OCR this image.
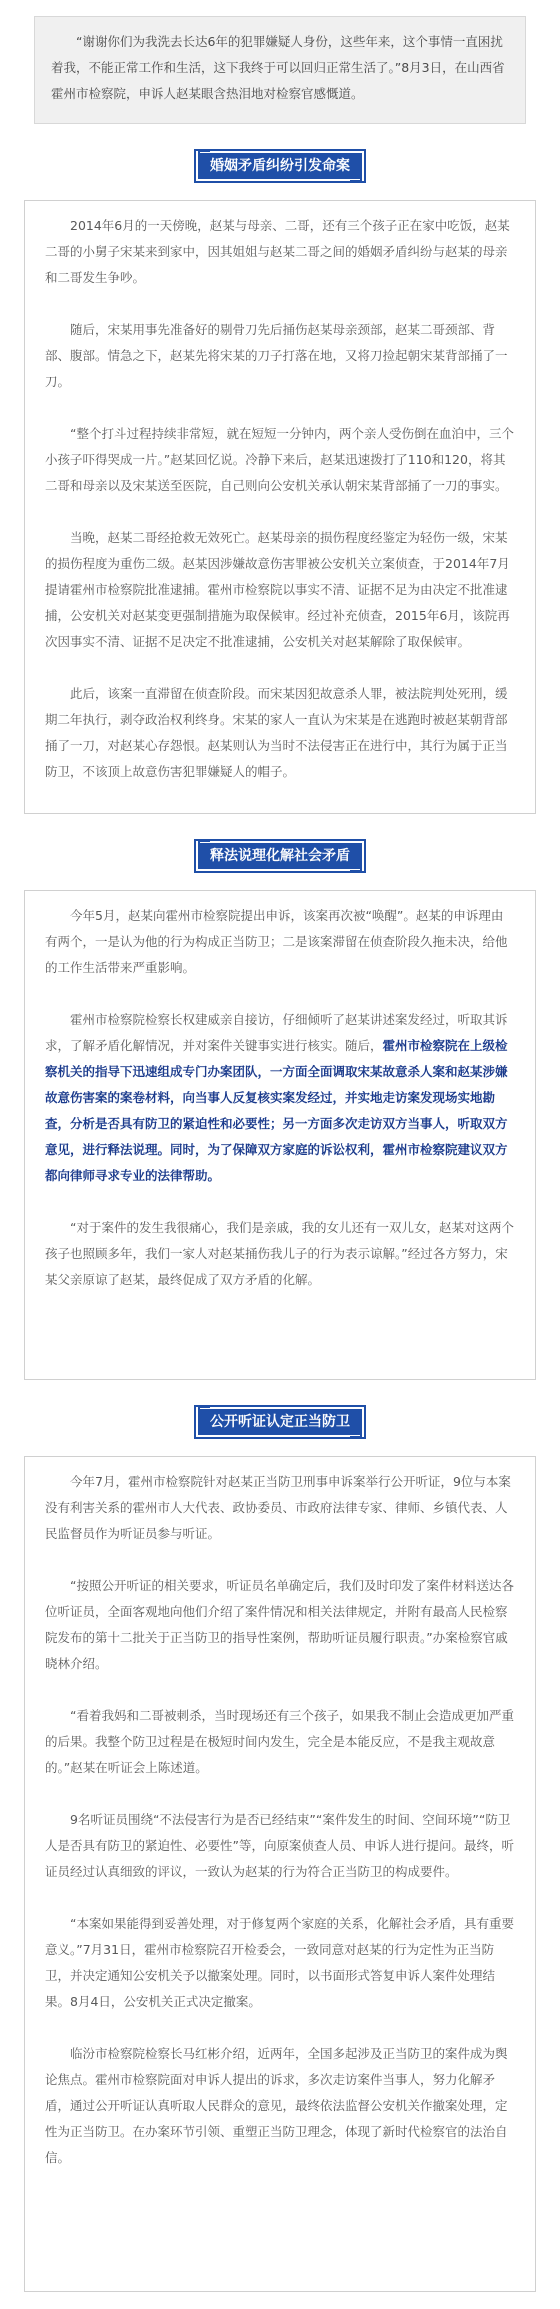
“谢谢你们为我洗去长达6年的犯罪嫌疑人身份，这些年来，这个事情一直困扰着我，不能正常工作和生活，这下我终于可以回归正常生活了。”8月3日，在山西省霍州市检察院，申诉人赵某眼含热泪地对检察官感慨道。

婚姻矛盾纠纷引发命案

2014年6月的一天傍晚，赵某与母亲、二哥，还有三个孩子正在家中吃饭，赵某二哥的小舅子宋某来到家中，因其姐姐与赵某二哥之间的婚姻矛盾纠纷与赵某的母亲和二哥发生争吵。

随后，宋某用事先准备好的剔骨刀先后捅伤赵某母亲颈部，赵某二哥颈部、背部、腹部。情急之下，赵某先将宋某的刀子打落在地，又将刀捡起朝宋某背部捅了一刀。

“整个打斗过程持续非常短，就在短短一分钟内，两个亲人受伤倒在血泊中，三个小孩子吓得哭成一片。”赵某回忆说。冷静下来后，赵某迅速拨打了110和120，将其二哥和母亲以及宋某送至医院，自己则向公安机关承认朝宋某背部捅了一刀的事实。

当晚，赵某二哥经抢救无效死亡。赵某母亲的损伤程度经鉴定为轻伤一级，宋某的损伤程度为重伤二级。赵某因涉嫌故意伤害罪被公安机关立案侦查，于2014年7月提请霍州市检察院批准逮捕。霍州市检察院以事实不清、证据不足为由决定不批准逮捕，公安机关对赵某变更强制措施为取保候审。经过补充侦查，2015年6月，该院再次因事实不清、证据不足决定不批准逮捕，公安机关对赵某解除了取保候审。

此后，该案一直滞留在侦查阶段。而宋某因犯故意杀人罪，被法院判处死刑，缓期二年执行，剥夺政治权利终身。宋某的家人一直认为宋某是在逃跑时被赵某朝背部捅了一刀，对赵某心存怨恨。赵某则认为当时不法侵害正在进行中，其行为属于正当防卫，不该顶上故意伤害犯罪嫌疑人的帽子。

释法说理化解社会矛盾

今年5月，赵某向霍州市检察院提出申诉，该案再次被“唤醒”。赵某的申诉理由有两个，一是认为他的行为构成正当防卫；二是该案滞留在侦查阶段久拖未决，给他的工作生活带来严重影响。

霍州市检察院检察长权建威亲自接访，仔细倾听了赵某讲述案发经过，听取其诉求，了解矛盾化解情况，并对案件关键事实进行核实。随后，霍州市检察院在上级检察机关的指导下迅速组成专门办案团队，一方面全面调取宋某故意杀人案和赵某涉嫌故意伤害案的案卷材料，向当事人反复核实案发经过，并实地走访案发现场实地勘查，分析是否具有防卫的紧迫性和必要性；另一方面多次走访双方当事人，听取双方意见，进行释法说理。同时，为了保障双方家庭的诉讼权利，霍州市检察院建议双方都向律师寻求专业的法律帮助。

“对于案件的发生我很痛心，我们是亲戚，我的女儿还有一双儿女，赵某对这两个孩子也照顾多年，我们一家人对赵某捅伤我儿子的行为表示谅解。”经过各方努力，宋某父亲原谅了赵某，最终促成了双方矛盾的化解。

公开听证认定正当防卫

今年7月，霍州市检察院针对赵某正当防卫刑事申诉案举行公开听证，9位与本案没有利害关系的霍州市人大代表、政协委员、市政府法律专家、律师、乡镇代表、人民监督员作为听证员参与听证。

“按照公开听证的相关要求，听证员名单确定后，我们及时印发了案件材料送达各位听证员，全面客观地向他们介绍了案件情况和相关法律规定，并附有最高人民检察院发布的第十二批关于正当防卫的指导性案例，帮助听证员履行职责。”办案检察官戚晓林介绍。

“看着我妈和二哥被刺杀，当时现场还有三个孩子，如果我不制止会造成更加严重的后果。我整个防卫过程是在极短时间内发生，完全是本能反应，不是我主观故意的。”赵某在听证会上陈述道。

9名听证员围绕“不法侵害行为是否已经结束”“案件发生的时间、空间环境”“防卫人是否具有防卫的紧迫性、必要性”等，向原案侦查人员、申诉人进行提问。最终，听证员经过认真细致的评议，一致认为赵某的行为符合正当防卫的构成要件。

“本案如果能得到妥善处理，对于修复两个家庭的关系，化解社会矛盾，具有重要意义。”7月31日，霍州市检察院召开检委会，一致同意对赵某的行为定性为正当防卫，并决定通知公安机关予以撤案处理。同时，以书面形式答复申诉人案件处理结果。8月4日，公安机关正式决定撤案。

临汾市检察院检察长马红彬介绍，近两年，全国多起涉及正当防卫的案件成为舆论焦点。霍州市检察院面对申诉人提出的诉求，多次走访案件当事人，努力化解矛盾，通过公开听证认真听取人民群众的意见，最终依法监督公安机关作撤案处理，定性为正当防卫。在办案环节引领、重塑正当防卫理念，体现了新时代检察官的法治自信。
